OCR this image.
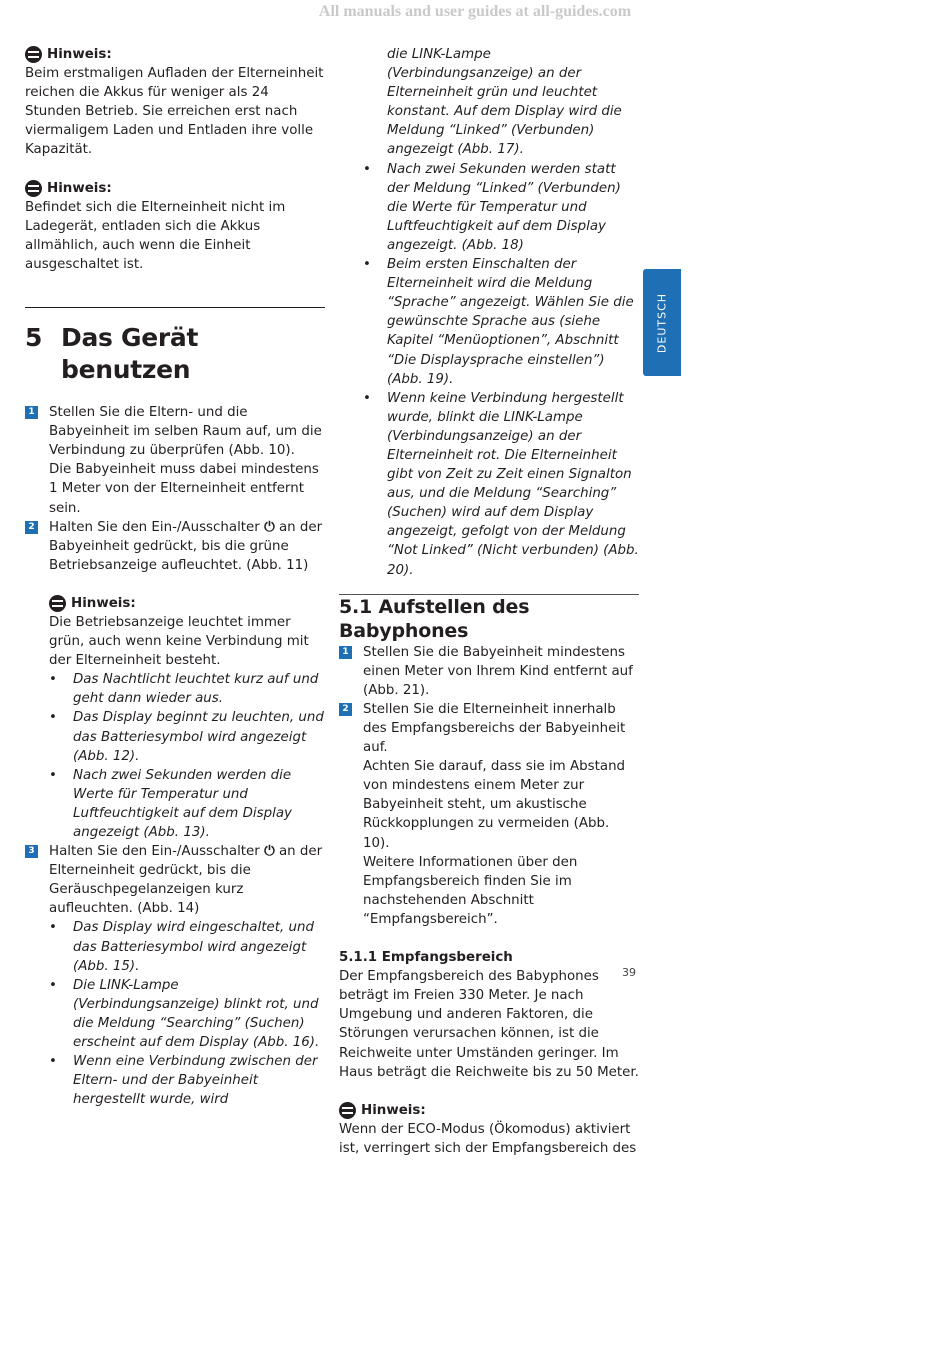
All manuals and user guides at all-guides.com
Hinweis:

Beim erstmaligen Aufladen der Elterneinheit reichen die Akkus für weniger als 24 Stunden Betrieb. Sie erreichen erst nach viermaligem Laden und Entladen ihre volle Kapazität.

Hinweis:

Befindet sich die Elterneinheit nicht im Ladegerät, entladen sich die Akkus allmählich, auch wenn die Einheit ausgeschaltet ist.

5 Das Gerät benutzen
1 Stellen Sie die Eltern- und die Babyeinheit im selben Raum auf, um die Verbindung zu überprüfen (Abb. 10).

Die Babyeinheit muss dabei mindestens 1 Meter von der Elterneinheit entfernt sein.

2 Halten Sie den Ein-/Ausschalter ⏻ an der Babyeinheit gedrückt, bis die grüne Betriebsanzeige aufleuchtet. (Abb. 11)

Hinweis:

Die Betriebsanzeige leuchtet immer grün, auch wenn keine Verbindung mit der Elterneinheit besteht.

• Das Nachtlicht leuchtet kurz auf und geht dann wieder aus.
• Das Display beginnt zu leuchten, und das Batteriesymbol wird angezeigt (Abb. 12).
• Nach zwei Sekunden werden die Werte für Temperatur und Luftfeuchtigkeit auf dem Display angezeigt (Abb. 13).
3 Halten Sie den Ein-/Ausschalter ⏻ an der Elterneinheit gedrückt, bis die Geräuschpegelanzeigen kurz aufleuchten. (Abb. 14)

• Das Display wird eingeschaltet, und das Batteriesymbol wird angezeigt (Abb. 15).
• Die LINK-Lampe (Verbindungsanzeige) blinkt rot, und die Meldung “Searching” (Suchen) erscheint auf dem Display (Abb. 16).
• Wenn eine Verbindung zwischen der Eltern- und der Babyeinheit hergestellt wurde, wird
die LINK-Lampe (Verbindungsanzeige) an der Elterneinheit grün und leuchtet konstant. Auf dem Display wird die Meldung “Linked” (Verbunden) angezeigt (Abb. 17).
• Nach zwei Sekunden werden statt der Meldung “Linked” (Verbunden) die Werte für Temperatur und Luftfeuchtigkeit auf dem Display angezeigt. (Abb. 18)
• Beim ersten Einschalten der Elterneinheit wird die Meldung “Sprache” angezeigt. Wählen Sie die gewünschte Sprache aus (siehe Kapitel “Menüoptionen”, Abschnitt “Die Displaysprache einstellen”) (Abb. 19).
• Wenn keine Verbindung hergestellt wurde, blinkt die LINK-Lampe (Verbindungsanzeige) an der Elterneinheit rot. Die Elterneinheit gibt von Zeit zu Zeit einen Signalton aus, und die Meldung “Searching” (Suchen) wird auf dem Display angezeigt, gefolgt von der Meldung “Not Linked” (Nicht verbunden) (Abb. 20).
5.1 Aufstellen des Babyphones
1 Stellen Sie die Babyeinheit mindestens einen Meter von Ihrem Kind entfernt auf (Abb. 21).

2 Stellen Sie die Elterneinheit innerhalb des Empfangsbereichs der Babyeinheit auf.

Achten Sie darauf, dass sie im Abstand von mindestens einem Meter zur Babyeinheit steht, um akustische Rückkopplungen zu vermeiden (Abb. 10).

Weitere Informationen über den Empfangsbereich finden Sie im nachstehenden Abschnitt “Empfangsbereich”.

5.1.1 Empfangsbereich

Der Empfangsbereich des Babyphones beträgt im Freien 330 Meter. Je nach Umgebung und anderen Faktoren, die Störungen verursachen können, ist die Reichweite unter Umständen geringer. Im Haus beträgt die Reichweite bis zu 50 Meter.

Hinweis:

Wenn der ECO-Modus (Ökomodus) aktiviert ist, verringert sich der Empfangsbereich des

DEUTSCH
39
